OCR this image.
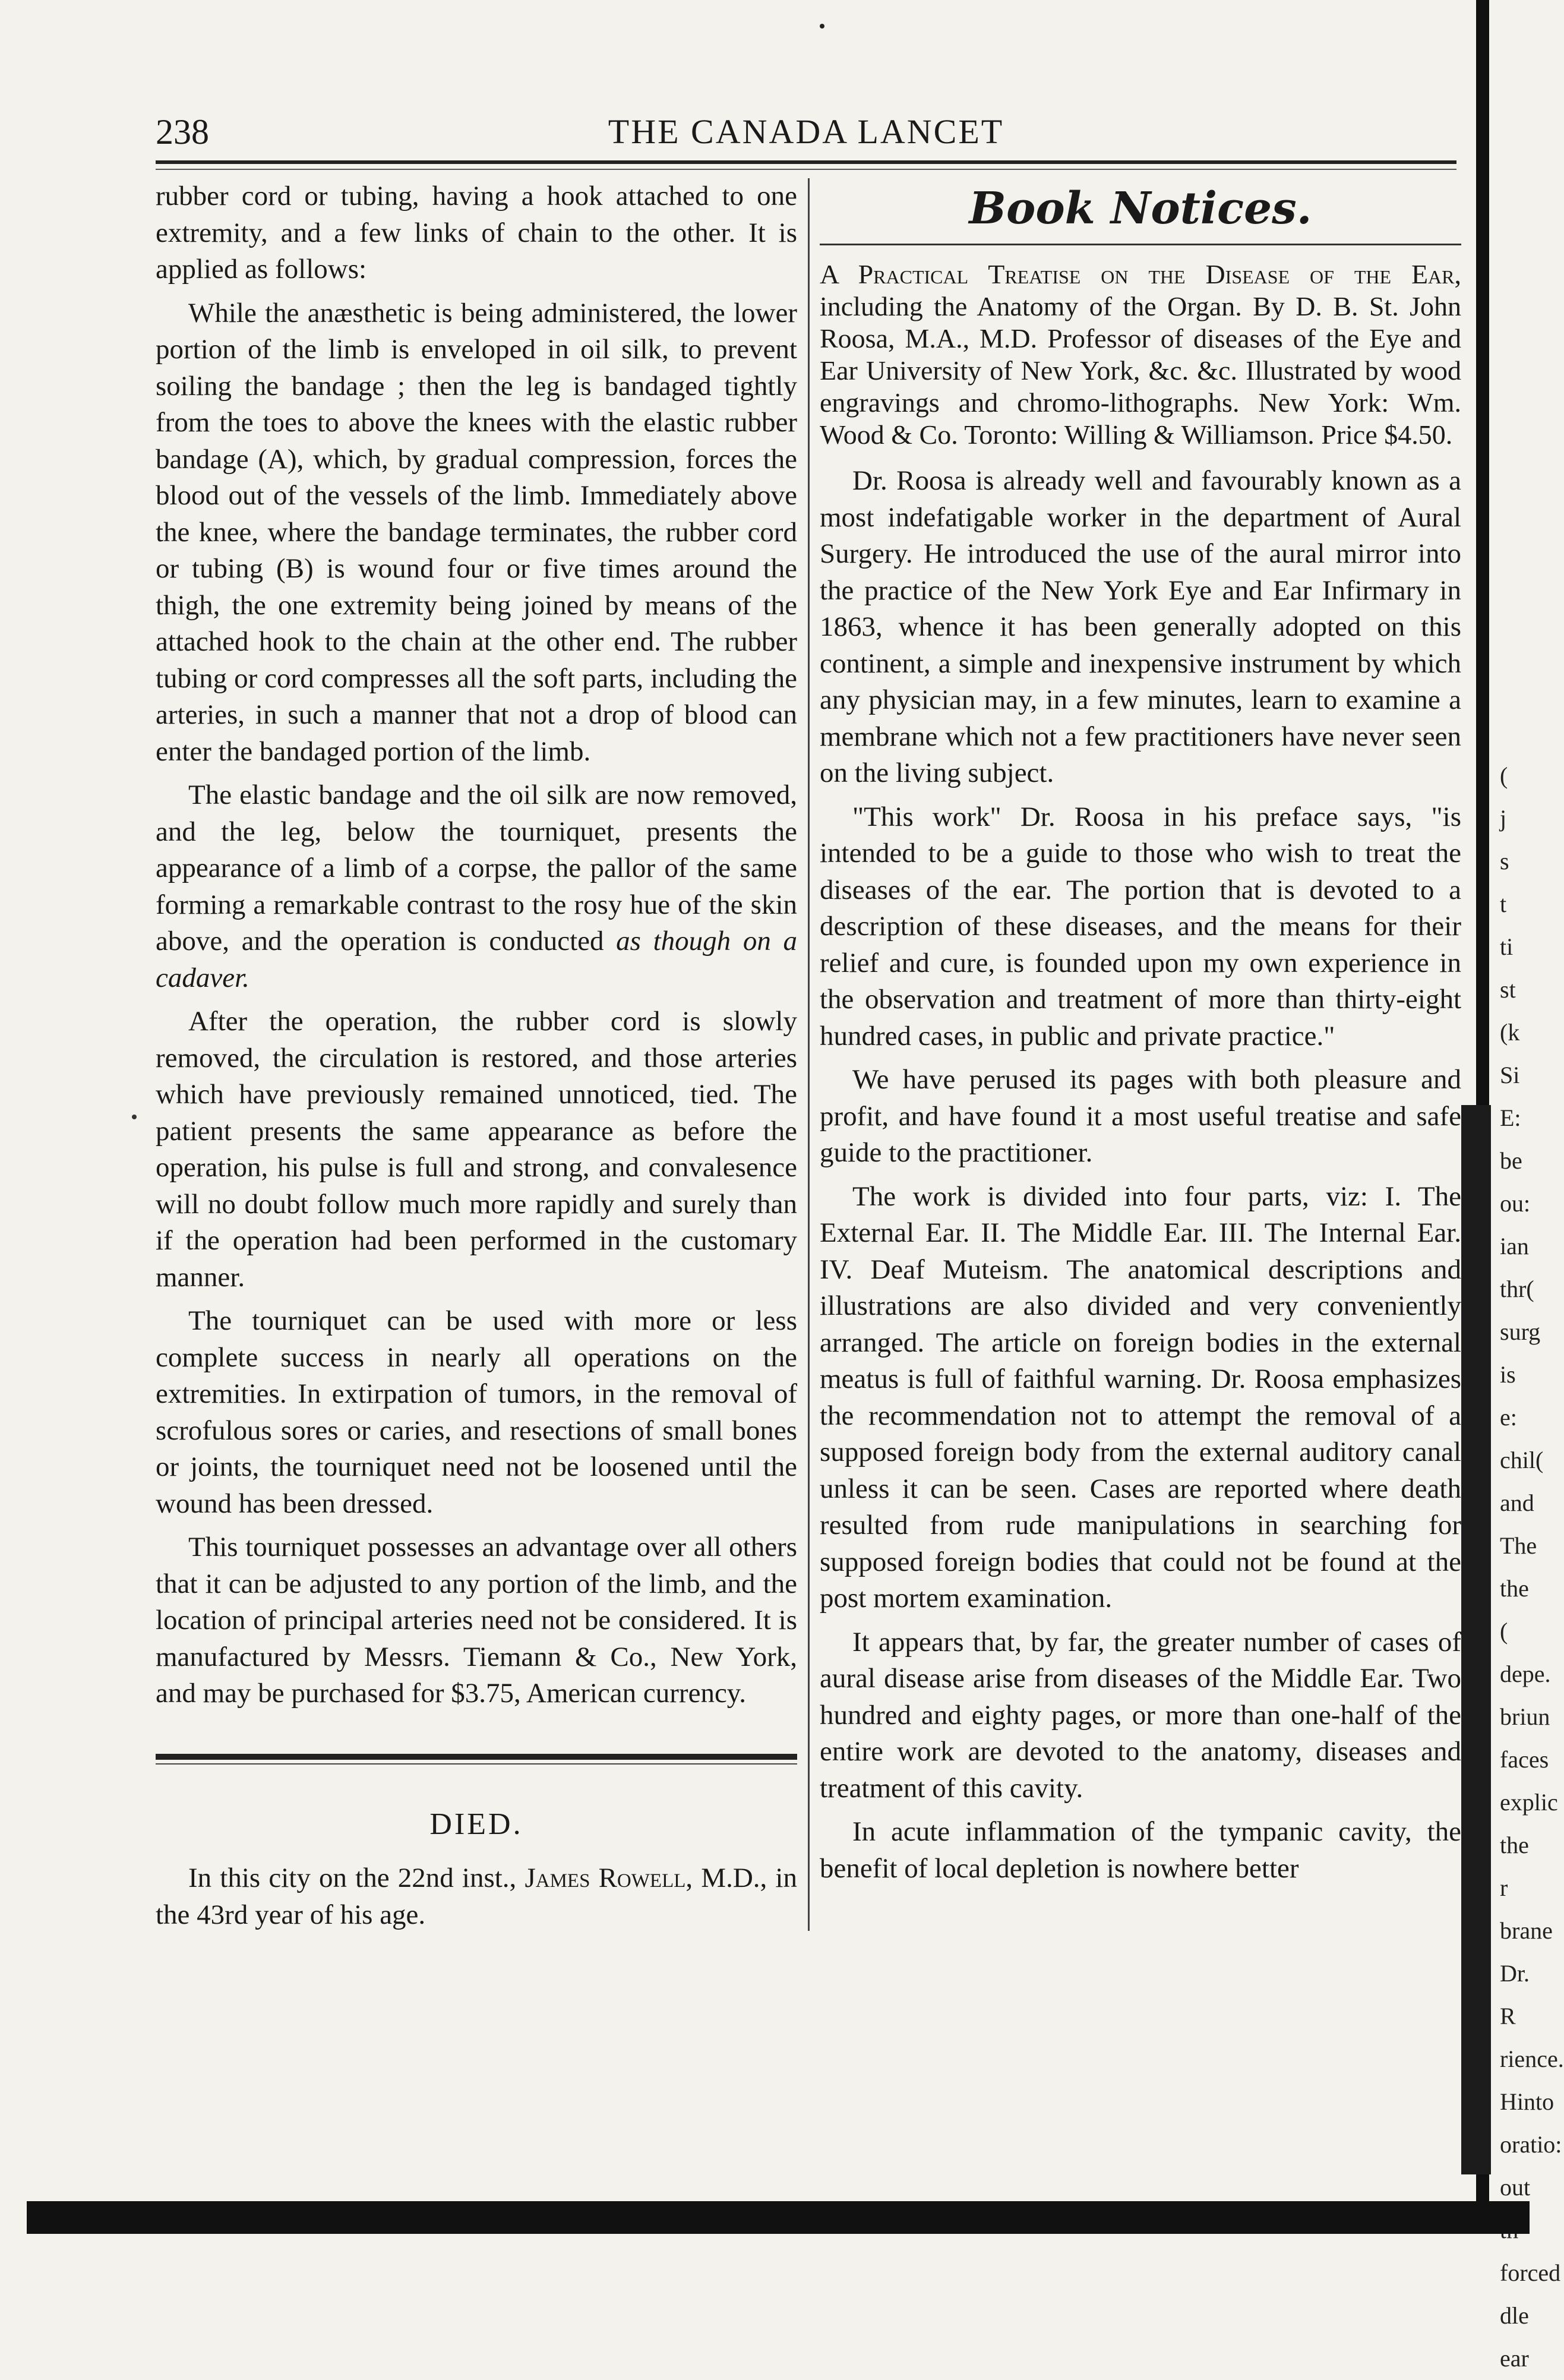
238	THE CANADA LANCET

rubber cord or tubing, having a hook attached to one extremity, and a few links of chain to the other. It is applied as follows:

While the anæsthetic is being administered, the lower portion of the limb is enveloped in oil silk, to prevent soiling the bandage ; then the leg is bandaged tightly from the toes to above the knees with the elastic rubber bandage (A), which, by gradual compression, forces the blood out of the vessels of the limb. Immediately above the knee, where the bandage terminates, the rubber cord or tubing (B) is wound four or five times around the thigh, the one extremity being joined by means of the attached hook to the chain at the other end. The rubber tubing or cord compresses all the soft parts, including the arteries, in such a manner that not a drop of blood can enter the bandaged portion of the limb.

The elastic bandage and the oil silk are now removed, and the leg, below the tourniquet, presents the appearance of a limb of a corpse, the pallor of the same forming a remarkable contrast to the rosy hue of the skin above, and the operation is conducted as though on a cadaver.

After the operation, the rubber cord is slowly removed, the circulation is restored, and those arteries which have previously remained unnoticed, tied. The patient presents the same appearance as before the operation, his pulse is full and strong, and convalesence will no doubt follow much more rapidly and surely than if the operation had been performed in the customary manner.

The tourniquet can be used with more or less complete success in nearly all operations on the extremities. In extirpation of tumors, in the removal of scrofulous sores or caries, and resections of small bones or joints, the tourniquet need not be loosened until the wound has been dressed.

This tourniquet possesses an advantage over all others that it can be adjusted to any portion of the limb, and the location of principal arteries need not be considered. It is manufactured by Messrs. Tiemann & Co., New York, and may be purchased for $3.75, American currency.

DIED.

In this city on the 22nd inst., James Rowell, M.D., in the 43rd year of his age.

Book Notices.

A Practical Treatise on the Disease of the Ear, including the Anatomy of the Organ. By D. B. St. John Roosa, M.A., M.D. Professor of diseases of the Eye and Ear University of New York, &c. &c. Illustrated by wood engravings and chromo-lithographs. New York: Wm. Wood & Co. Toronto: Willing & Williamson. Price $4.50.

Dr. Roosa is already well and favourably known as a most indefatigable worker in the department of Aural Surgery. He introduced the use of the aural mirror into the practice of the New York Eye and Ear Infirmary in 1863, whence it has been generally adopted on this continent, a simple and inexpensive instrument by which any physician may, in a few minutes, learn to examine a membrane which not a few practitioners have never seen on the living subject.

"This work" Dr. Roosa in his preface says, "is intended to be a guide to those who wish to treat the diseases of the ear. The portion that is devoted to a description of these diseases, and the means for their relief and cure, is founded upon my own experience in the observation and treatment of more than thirty-eight hundred cases, in public and private practice."

We have perused its pages with both pleasure and profit, and have found it a most useful treatise and safe guide to the practitioner.

The work is divided into four parts, viz: I. The External Ear. II. The Middle Ear. III. The Internal Ear. IV. Deaf Muteism. The anatomical descriptions and illustrations are also divided and very conveniently arranged. The article on foreign bodies in the external meatus is full of faithful warning. Dr. Roosa emphasizes the recommendation not to attempt the removal of a supposed foreign body from the external auditory canal unless it can be seen. Cases are reported where death resulted from rude manipulations in searching for supposed foreign bodies that could not be found at the post mortem examination.

It appears that, by far, the greater number of cases of aural disease arise from diseases of the Middle Ear. Two hundred and eighty pages, or more than one-half of the entire work are devoted to the anatomy, diseases and treatment of this cavity.

In acute inflammation of the tympanic cavity, the benefit of local depletion is nowhere better

(
j
s
t
ti
st
(k
Si
E:
be
ou:
ian
thr(
surg
is e:
chil(
and
The
the (
depe.
briun
faces
explic
the r
brane
Dr. R
rience.
Hinto
oratio:
out
forced
dle ear
